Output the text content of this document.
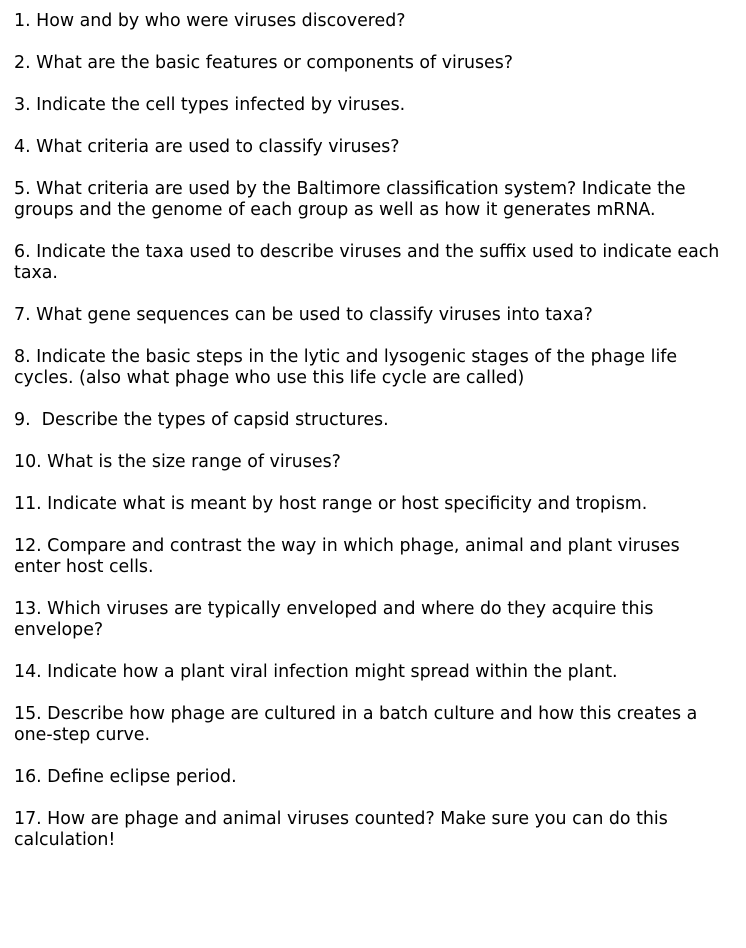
1. How and by who were viruses discovered?

2. What are the basic features or components of viruses?

3. Indicate the cell types infected by viruses.

4. What criteria are used to classify viruses?

5. What criteria are used by the Baltimore classification system? Indicate the groups and the genome of each group as well as how it generates mRNA.

6. Indicate the taxa used to describe viruses and the suffix used to indicate each taxa.

7. What gene sequences can be used to classify viruses into taxa?

8. Indicate the basic steps in the lytic and lysogenic stages of the phage life cycles. (also what phage who use this life cycle are called)

9.  Describe the types of capsid structures.

10. What is the size range of viruses?

11. Indicate what is meant by host range or host specificity and tropism.

12. Compare and contrast the way in which phage, animal and plant viruses enter host cells.

13. Which viruses are typically enveloped and where do they acquire this envelope?

14. Indicate how a plant viral infection might spread within the plant.

15. Describe how phage are cultured in a batch culture and how this creates a one-step curve.

16. Define eclipse period.

17. How are phage and animal viruses counted? Make sure you can do this calculation!
